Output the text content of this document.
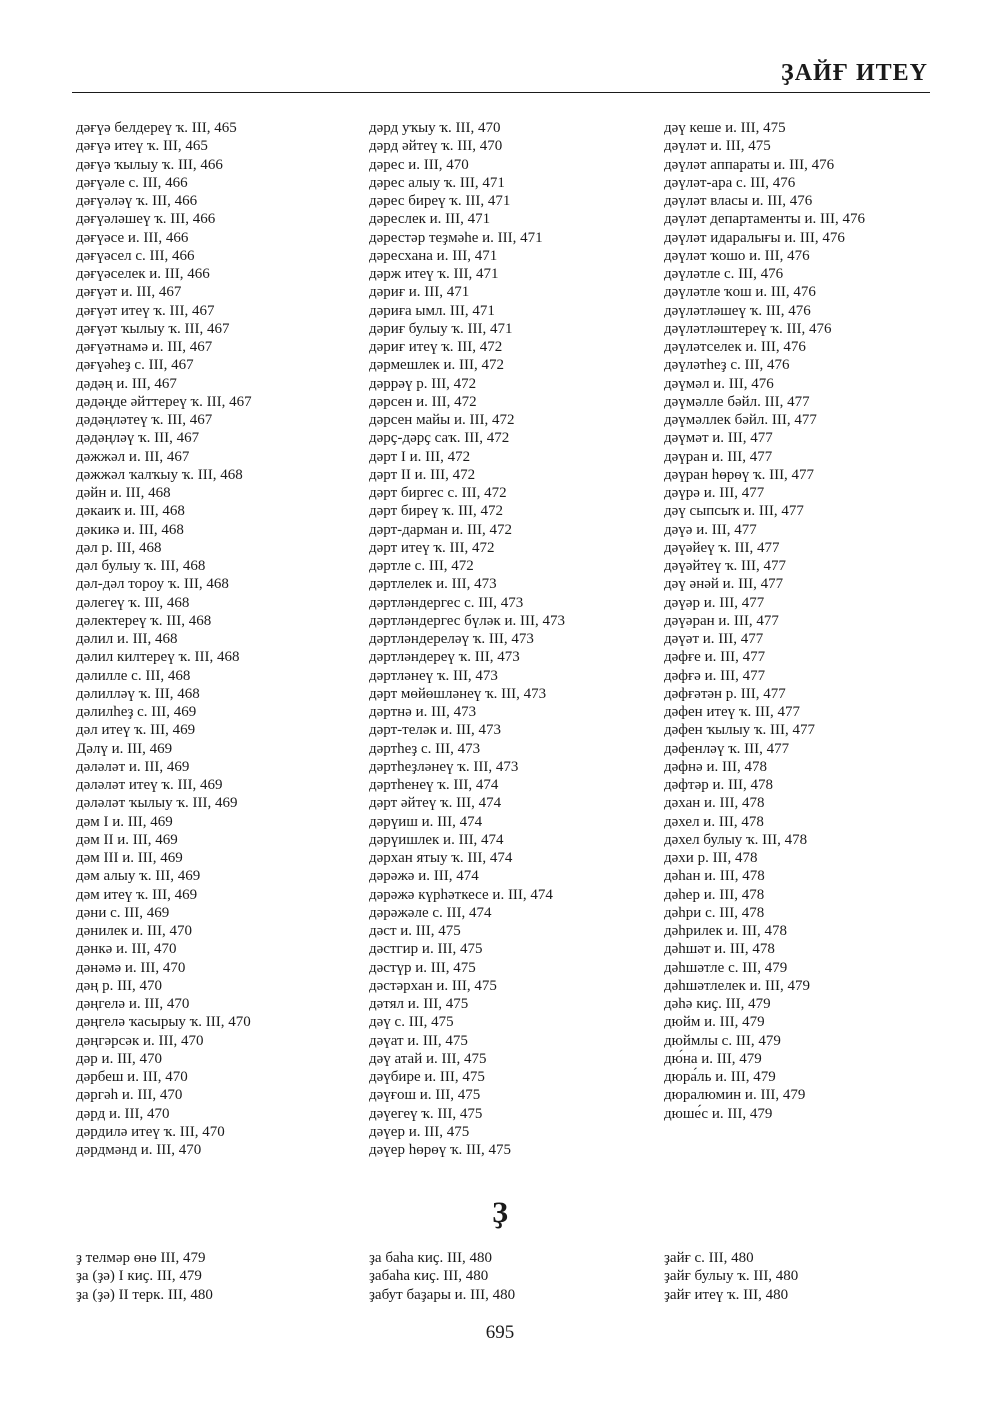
ҘАЙҒ ИТЕҮ
дәғүә белдереү ҡ. III, 465
дәғүә итеү ҡ. III, 465
дәғүә ҡылыу ҡ. III, 466
дәғүәле с. III, 466
дәғүәләү ҡ. III, 466
дәғүәләшеү ҡ. III, 466
дәғүәсе и. III, 466
дәғүәсел с. III, 466
дәғүәселек и. III, 466
дәғүәт и. III, 467
дәғүәт итеү ҡ. III, 467
дәғүәт ҡылыу ҡ. III, 467
дәғүәтнамә и. III, 467
дәғүәһеҙ с. III, 467
дәдәң и. III, 467
дәдәңде әйттереү ҡ. III, 467
дәдәңләтеү ҡ. III, 467
дәдәңләү ҡ. III, 467
дәжжәл и. III, 467
дәжжәл ҡалҡыу ҡ. III, 468
дәйн и. III, 468
дәкаиҡ и. III, 468
дәкикә и. III, 468
дәл р. III, 468
дәл булыу ҡ. III, 468
дәл-дәл тороу ҡ. III, 468
дәлегеү ҡ. III, 468
дәлектереү ҡ. III, 468
дәлил и. III, 468
дәлил килтереү ҡ. III, 468
дәлилле с. III, 468
дәлилләү ҡ. III, 468
дәлилһеҙ с. III, 469
дәл итеү ҡ. III, 469
Дәлү и. III, 469
дәләләт и. III, 469
дәләләт итеү ҡ. III, 469
дәләләт ҡылыу ҡ. III, 469
дәм I и. III, 469
дәм II и. III, 469
дәм III и. III, 469
дәм алыу ҡ. III, 469
дәм итеү ҡ. III, 469
дәни с. III, 469
дәнилек и. III, 470
дәнкә и. III, 470
дәнәмә и. III, 470
дәң р. III, 470
дәңгелә и. III, 470
дәңгелә ҡасырыу ҡ. III, 470
дәңгәрсәк и. III, 470
дәр и. III, 470
дәрбеш и. III, 470
дәргәһ и. III, 470
дәрд и. III, 470
дәрдилә итеү ҡ. III, 470
дәрдмәнд и. III, 470
дәрд уҡыу ҡ. III, 470
дәрд әйтеү ҡ. III, 470
дәрес и. III, 470
дәрес алыу ҡ. III, 471
дәрес биреү ҡ. III, 471
дәреслек и. III, 471
дәрестәр теҙмәһе и. III, 471
дәресхана и. III, 471
дәрж итеү ҡ. III, 471
дәриғ и. III, 471
дәриға ымл. III, 471
дәриғ булыу ҡ. III, 471
дәриғ итеү ҡ. III, 472
дәрмешлек и. III, 472
дәррәү р. III, 472
дәрсен и. III, 472
дәрсен майы и. III, 472
дәрҫ-дәрҫ саҡ. III, 472
дәрт I и. III, 472
дәрт II и. III, 472
дәрт биргес с. III, 472
дәрт биреү ҡ. III, 472
дәрт-дарман и. III, 472
дәрт итеү ҡ. III, 472
дәртле с. III, 472
дәртлелек и. III, 473
дәртләндергес с. III, 473
дәртләндергес бүләк и. III, 473
дәртләндереләү ҡ. III, 473
дәртләндереү ҡ. III, 473
дәртләнеү ҡ. III, 473
дәрт мөйөшләнеү ҡ. III, 473
дәртнә и. III, 473
дәрт-теләк и. III, 473
дәртһеҙ с. III, 473
дәртһеҙләнеү ҡ. III, 473
дәртһенеү ҡ. III, 474
дәрт әйтеү ҡ. III, 474
дәрүиш и. III, 474
дәрүишлек и. III, 474
дәрхан ятыу ҡ. III, 474
дәрәжә и. III, 474
дәрәжә күрһәткесе и. III, 474
дәрәжәле с. III, 474
дәст и. III, 475
дәстгир и. III, 475
дәстүр и. III, 475
дәстәрхан и. III, 475
дәтял и. III, 475
дәү с. III, 475
дәүат и. III, 475
дәү атай и. III, 475
дәүбире и. III, 475
дәүғош и. III, 475
дәүегеү ҡ. III, 475
дәүер и. III, 475
дәүер һөрөү ҡ. III, 475
дәү кеше и. III, 475
дәүләт и. III, 475
дәүләт аппараты и. III, 476
дәүләт-ара с. III, 476
дәүләт власы и. III, 476
дәүләт департаменты и. III, 476
дәүләт идаралығы и. III, 476
дәүләт ҡошо и. III, 476
дәүләтле с. III, 476
дәүләтле ҡош и. III, 476
дәүләтләшеү ҡ. III, 476
дәүләтләштереү ҡ. III, 476
дәүләтселек и. III, 476
дәүләтһеҙ с. III, 476
дәүмәл и. III, 476
дәүмәлле бәйл. III, 477
дәүмәллек бәйл. III, 477
дәүмәт и. III, 477
дәүран и. III, 477
дәүран һөрөү ҡ. III, 477
дәүрә и. III, 477
дәү сыпсыҡ и. III, 477
дәүә и. III, 477
дәүәйеү ҡ. III, 477
дәүәйтеү ҡ. III, 477
дәү әнәй и. III, 477
дәүәр и. III, 477
дәүәран и. III, 477
дәүәт и. III, 477
дәфғе и. III, 477
дәфғә и. III, 477
дәфғәтән р. III, 477
дәфен итеү ҡ. III, 477
дәфен ҡылыу ҡ. III, 477
дәфенләү ҡ. III, 477
дәфнә и. III, 478
дәфтәр и. III, 478
дәхан и. III, 478
дәхел и. III, 478
дәхел булыу ҡ. III, 478
дәхи р. III, 478
дәһан и. III, 478
дәһер и. III, 478
дәһри с. III, 478
дәһрилек и. III, 478
дәһшәт и. III, 478
дәһшәтле с. III, 479
дәһшәтлелек и. III, 479
дәһә киҫ. III, 479
дюйм и. III, 479
дюймлы с. III, 479
дю́на и. III, 479
дюра́ль и. III, 479
дюралюмин и. III, 479
дюше́с и. III, 479
Ҙ
ҙ телмәр өнө III, 479
ҙа (ҙә) I киҫ. III, 479
ҙа (ҙә) II терк. III, 480
ҙа баһа киҫ. III, 480
ҙабаһа киҫ. III, 480
ҙабут баҙары и. III, 480
ҙайғ с. III, 480
ҙайғ булыу ҡ. III, 480
ҙайғ итеү ҡ. III, 480
695
